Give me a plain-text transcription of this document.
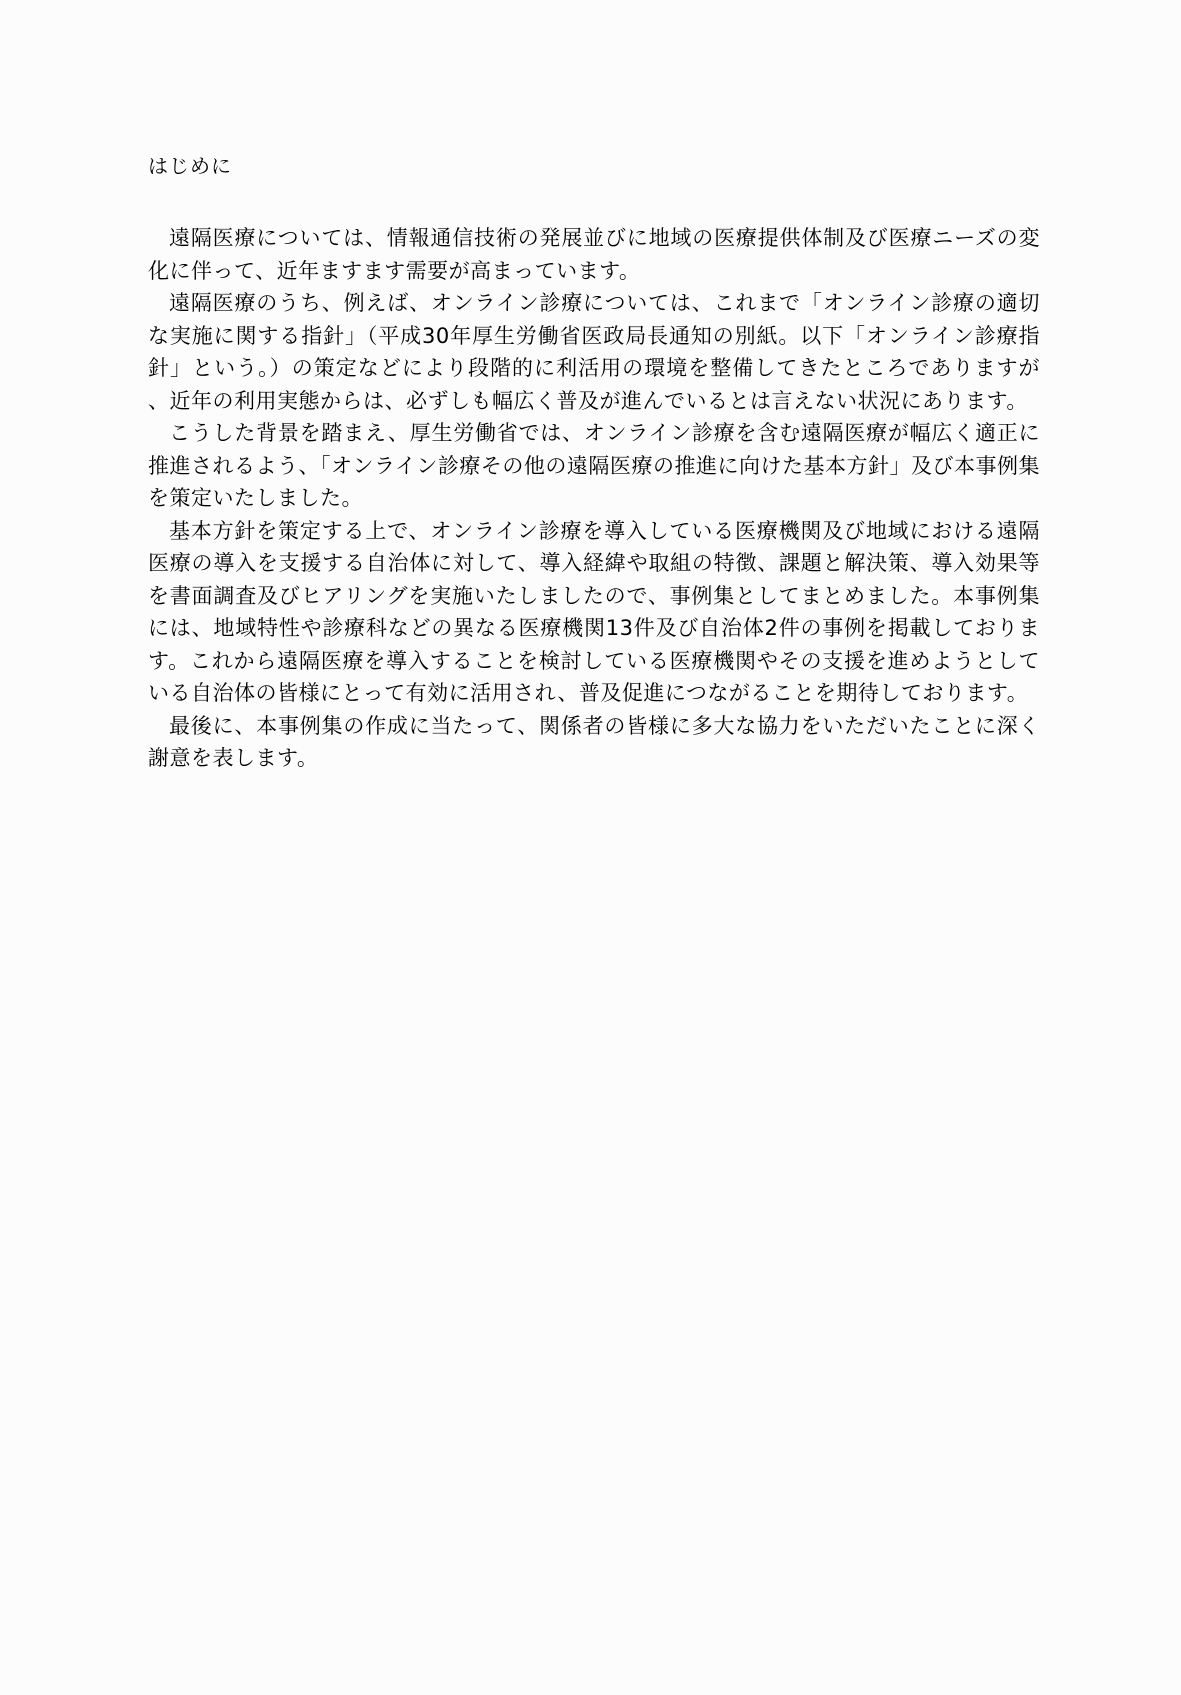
はじめに

遠隔医療については、情報通信技術の発展並びに地域の医療提供体制及び医療ニーズの変化に伴って、近年ますます需要が高まっています。

遠隔医療のうち、例えば、オンライン診療については、これまで「オンライン診療の適切な実施に関する指針」（平成30年厚生労働省医政局長通知の別紙。以下「オンライン診療指針」という。）の策定などにより段階的に利活用の環境を整備してきたところでありますが、近年の利用実態からは、必ずしも幅広く普及が進んでいるとは言えない状況にあります。

こうした背景を踏まえ、厚生労働省では、オンライン診療を含む遠隔医療が幅広く適正に推進されるよう、「オンライン診療その他の遠隔医療の推進に向けた基本方針」及び本事例集を策定いたしました。

基本方針を策定する上で、オンライン診療を導入している医療機関及び地域における遠隔医療の導入を支援する自治体に対して、導入経緯や取組の特徴、課題と解決策、導入効果等を書面調査及びヒアリングを実施いたしましたので、事例集としてまとめました。本事例集には、地域特性や診療科などの異なる医療機関13件及び自治体2件の事例を掲載しております。これから遠隔医療を導入することを検討している医療機関やその支援を進めようとしている自治体の皆様にとって有効に活用され、普及促進につながることを期待しております。

最後に、本事例集の作成に当たって、関係者の皆様に多大な協力をいただいたことに深く謝意を表します。
